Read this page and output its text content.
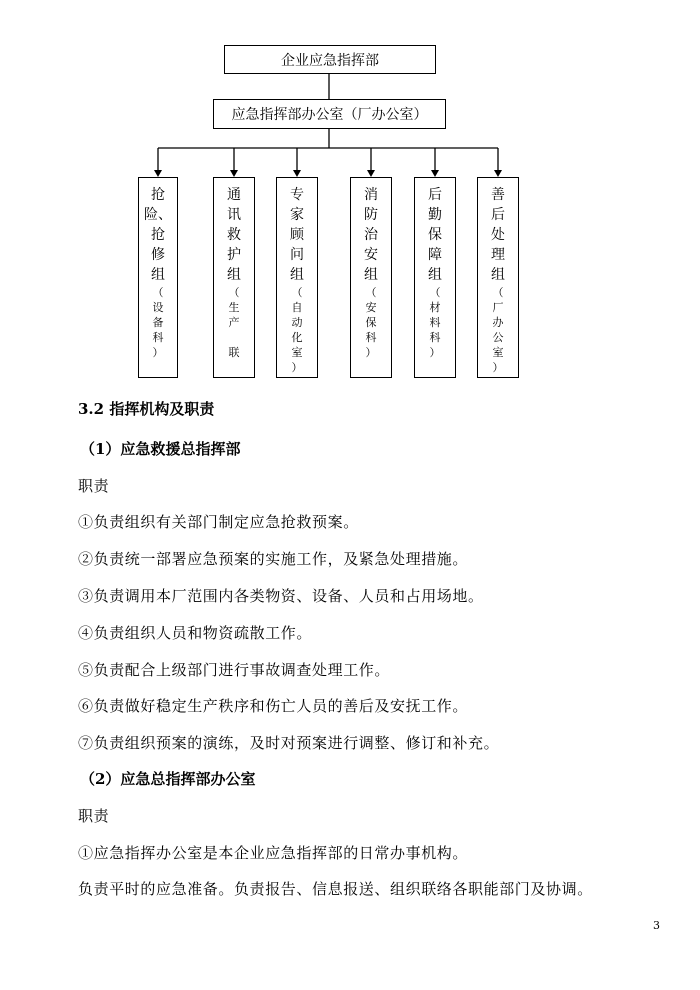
企业应急指挥部
应急指挥部办公室（厂办公室）
抢
险、
抢
修
组
（
设
备
科
）
通
讯
救
护
组
（
生
产

联
专
家
顾
问
组
（
自
动
化
室
）
消
防
治
安
组
（
安
保
科
）
后
勤
保
障
组
（
材
料
科
）
善
后
处
理
组
（
厂
办
公
室
）

3.2 指挥机构及职责

（1）应急救援总指挥部

职责

①负责组织有关部门制定应急抢救预案。

②负责统一部署应急预案的实施工作，及紧急处理措施。

③负责调用本厂范围内各类物资、设备、人员和占用场地。

④负责组织人员和物资疏散工作。

⑤负责配合上级部门进行事故调查处理工作。

⑥负责做好稳定生产秩序和伤亡人员的善后及安抚工作。

⑦负责组织预案的演练，及时对预案进行调整、修订和补充。

（2）应急总指挥部办公室

职责

①应急指挥办公室是本企业应急指挥部的日常办事机构。

负责平时的应急准备。负责报告、信息报送、组织联络各职能部门及协调。

3
